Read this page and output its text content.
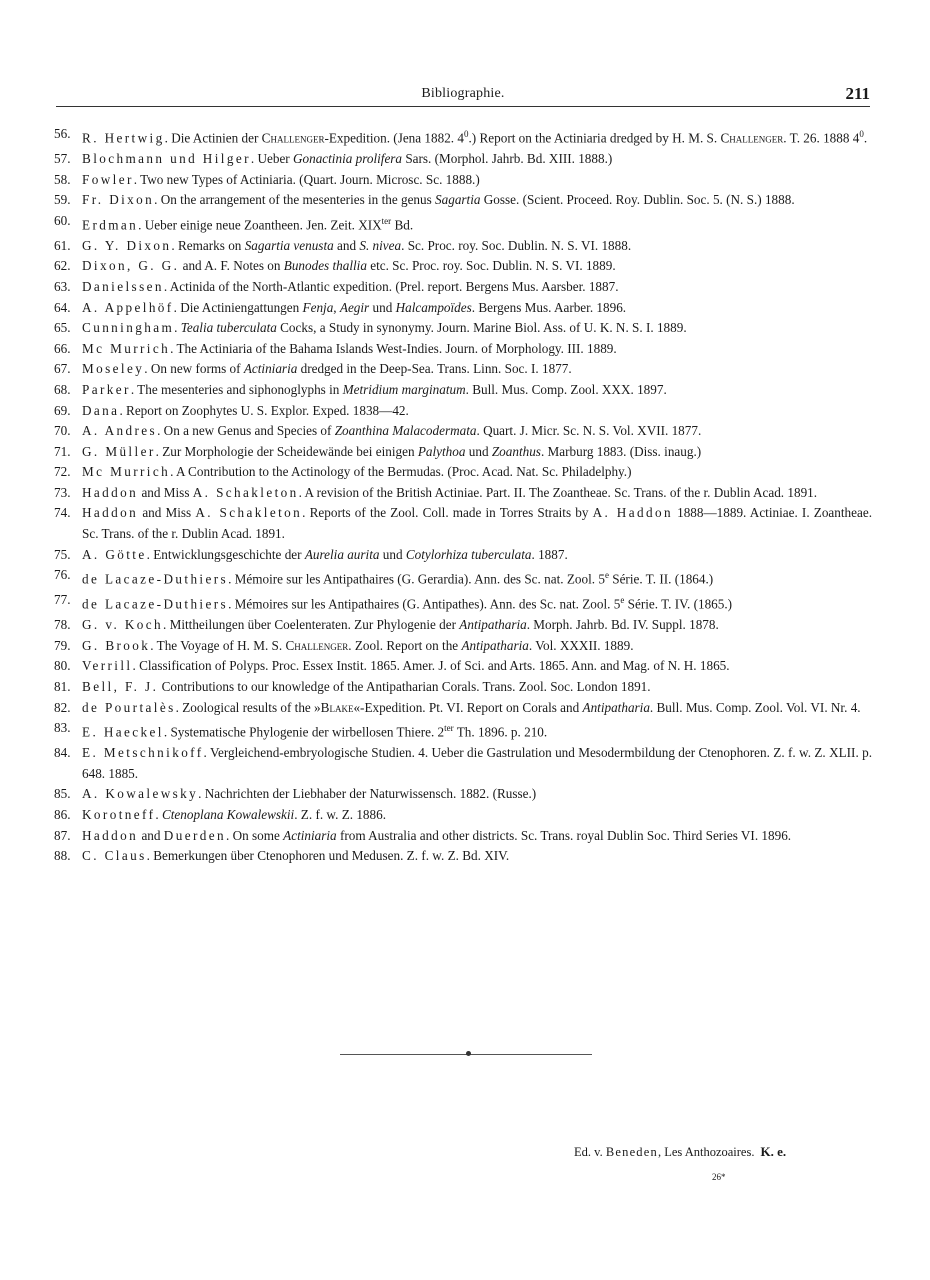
Bibliographie.	211
56. R. Hertwig. Die Actinien der Challenger-Expedition. (Jena 1882. $4^0$.) Report on the Actiniaria dredged by H. M. S. Challenger. T. 26. 1888 $4^0$.
57. Blochmann und Hilger. Ueber Gonactinia prolifera Sars. (Morphol. Jahrb. Bd. XIII. 1888.)
58. Fowler. Two new Types of Actiniaria. (Quart. Journ. Microsc. Sc. 1888.)
59. Fr. Dixon. On the arrangement of the mesenteries in the genus Sagartia Gosse. (Scient. Proceed. Roy. Dublin. Soc. 5. (N. S.) 1888.
60. Erdman. Ueber einige neue Zoantheen. Jen. Zeit. $XIX^{ter}$ Bd.
61. G. Y. Dixon. Remarks on Sagartia venusta and S. nivea. Sc. Proc. roy. Soc. Dublin. N. S. VI. 1888.
62. Dixon, G. G. and A. F. Notes on Bunodes thallia etc. Sc. Proc. roy. Soc. Dublin. N. S. VI. 1889.
63. Danielssen. Actinida of the North-Atlantic expedition. (Prel. report. Bergens Mus. Aarsber. 1887.
64. A. Appelhöf. Die Actiniengattungen Fenja, Aegir und Halcampoïdes. Bergens Mus. Aarber. 1896.
65. Cunningham. Tealia tuberculata Cocks, a Study in synonymy. Journ. Marine Biol. Ass. of U. K. N. S. I. 1889.
66. Mc Murrich. The Actiniaria of the Bahama Islands West-Indies. Journ. of Morphology. III. 1889.
67. Moseley. On new forms of Actiniaria dredged in the Deep-Sea. Trans. Linn. Soc. I. 1877.
68. Parker. The mesenteries and siphonoglyphs in Metridium marginatum. Bull. Mus. Comp. Zool. XXX. 1897.
69. Dana. Report on Zoophytes U. S. Explor. Exped. 1838—42.
70. A. Andres. On a new Genus and Species of Zoanthina Malacodermata. Quart. J. Micr. Sc. N. S. Vol. XVII. 1877.
71. G. Müller. Zur Morphologie der Scheidewände bei einigen Palythoa und Zoanthus. Marburg 1883. (Diss. inaug.)
72. Mc Murrich. A Contribution to the Actinology of the Bermudas. (Proc. Acad. Nat. Sc. Philadelphy.)
73. Haddon and Miss A. Schakleton. A revision of the British Actiniae. Part. II. The Zoantheae. Sc. Trans. of the r. Dublin Acad. 1891.
74. Haddon and Miss A. Schakleton. Reports of the Zool. Coll. made in Torres Straits by A. Haddon 1888—1889. Actiniae. I. Zoantheae. Sc. Trans. of the r. Dublin Acad. 1891.
75. A. Götte. Entwicklungsgeschichte der Aurelia aurita und Cotylorhiza tuberculata. 1887.
76. de Lacaze-Duthiers. Mémoire sur les Antipathaires (G. Gerardia). Ann. des Sc. nat. Zool. 5e Série. T. II. (1864.)
77. de Lacaze-Duthiers. Mémoires sur les Antipathaires (G. Antipathes). Ann. des Sc. nat. Zool. 5e Série. T. IV. (1865.)
78. G. v. Koch. Mittheilungen über Coelenteraten. Zur Phylogenie der Antipatharia. Morph. Jahrb. Bd. IV. Suppl. 1878.
79. G. Brook. The Voyage of H. M. S. Challenger. Zool. Report on the Antipatharia. Vol. XXXII. 1889.
80. Verrill. Classification of Polyps. Proc. Essex Instit. 1865. Amer. J. of Sci. and Arts. 1865. Ann. and Mag. of N. H. 1865.
81. Bell, F. J. Contributions to our knowledge of the Antipatharian Corals. Trans. Zool. Soc. London 1891.
82. de Pourtalès. Zoological results of the »Blake«-Expedition. Pt. VI. Report on Corals and Antipatharia. Bull. Mus. Comp. Zool. Vol. VI. Nr. 4.
83. E. Haeckel. Systematische Phylogenie der wirbellosen Thiere. $2^{ter}$ Th. 1896. p. 210.
84. E. Metschnikoff. Vergleichend-embryologische Studien. 4. Ueber die Gastrulation und Mesodermbildung der Ctenophoren. Z. f. w. Z. XLII. p. 648. 1885.
85. A. Kowalewsky. Nachrichten der Liebhaber der Naturwissensch. 1882. (Russe.)
86. Korotneff. Ctenoplana Kowalewskii. Z. f. w. Z. 1886.
87. Haddon and Duerden. On some Actiniaria from Australia and other districts. Sc. Trans. royal Dublin Soc. Third Series VI. 1896.
88. C. Claus. Bemerkungen über Ctenophoren und Medusen. Z. f. w. Z. Bd. XIV.
Ed. v. Beneden, Les Anthozoaires. K. e.
26*
